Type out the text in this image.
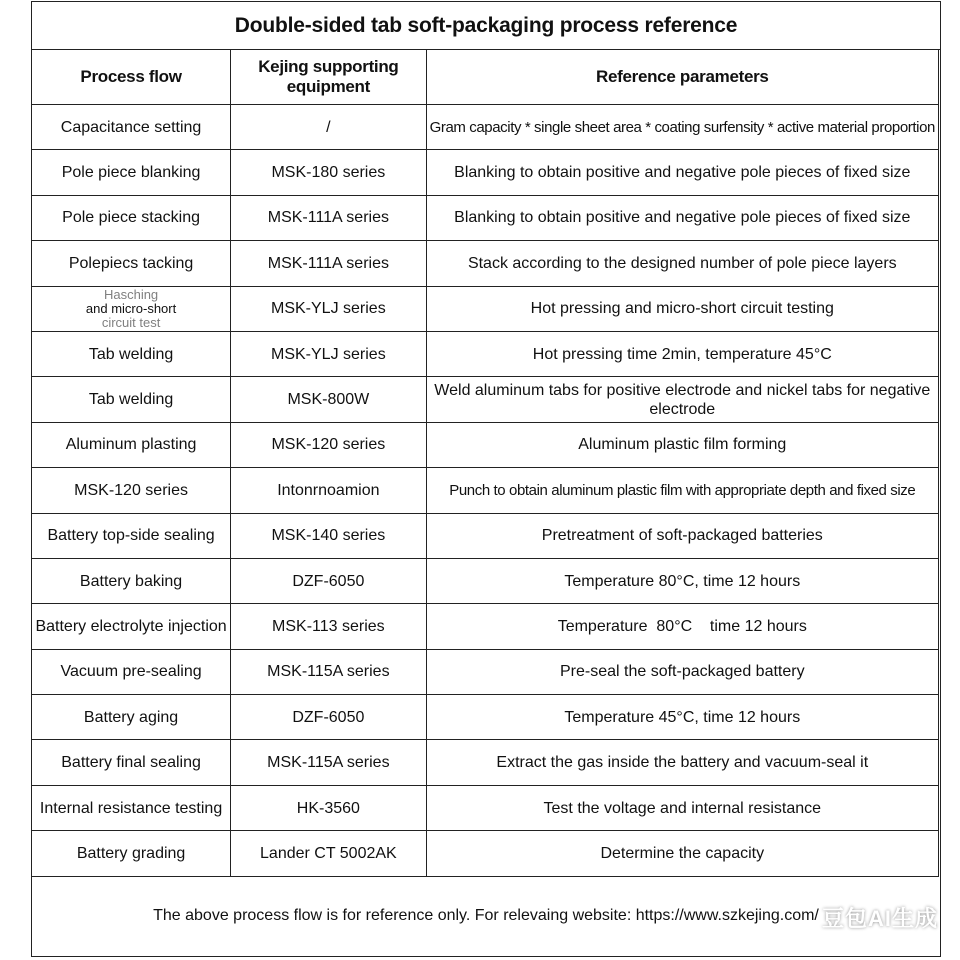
Double-sided tab soft-packaging process reference
Process flow	Kejing supporting equipment	Reference parameters
Capacitance setting	/	Gram capacity * single sheet area * coating surfensity * active material proportion
Pole piece blanking	MSK-180 series	Blanking to obtain positive and negative pole pieces of fixed size
Pole piece stacking	MSK-111A series	Blanking to obtain positive and negative pole pieces of fixed size
Polepiecs tacking	MSK-111A series	Stack according to the designed number of pole piece layers

Hasching
and micro-short
circuit test	MSK-YLJ series	Hot pressing and micro-short circuit testing
Tab welding	MSK-YLJ series	Hot pressing time 2min, temperature 45°C
Tab welding	MSK-800W	Weld aluminum tabs for positive electrode and nickel tabs for negative electrode
Aluminum plasting	MSK-120 series	Aluminum plastic film forming
MSK-120 series	Intonrnoamion	Punch to obtain aluminum plastic film with appropriate depth and fixed size
Battery top-side sealing	MSK-140 series	Pretreatment of soft-packaged batteries
Battery baking	DZF-6050	Temperature 80°C, time 12 hours
Battery electrolyte injection	MSK-113 series	Temperature  80°C    time 12 hours
Vacuum pre-sealing	MSK-115A series	Pre-seal the soft-packaged battery
Battery aging	DZF-6050	Temperature 45°C, time 12 hours
Battery final sealing	MSK-115A series	Extract the gas inside the battery and vacuum-seal it
Internal resistance testing	HK-3560	Test the voltage and internal resistance
Battery grading	Lander CT 5002AK	Determine the capacity
The above process flow is for reference only. For relevaing website: https://www.szkejing.com/ 豆包AI生成
